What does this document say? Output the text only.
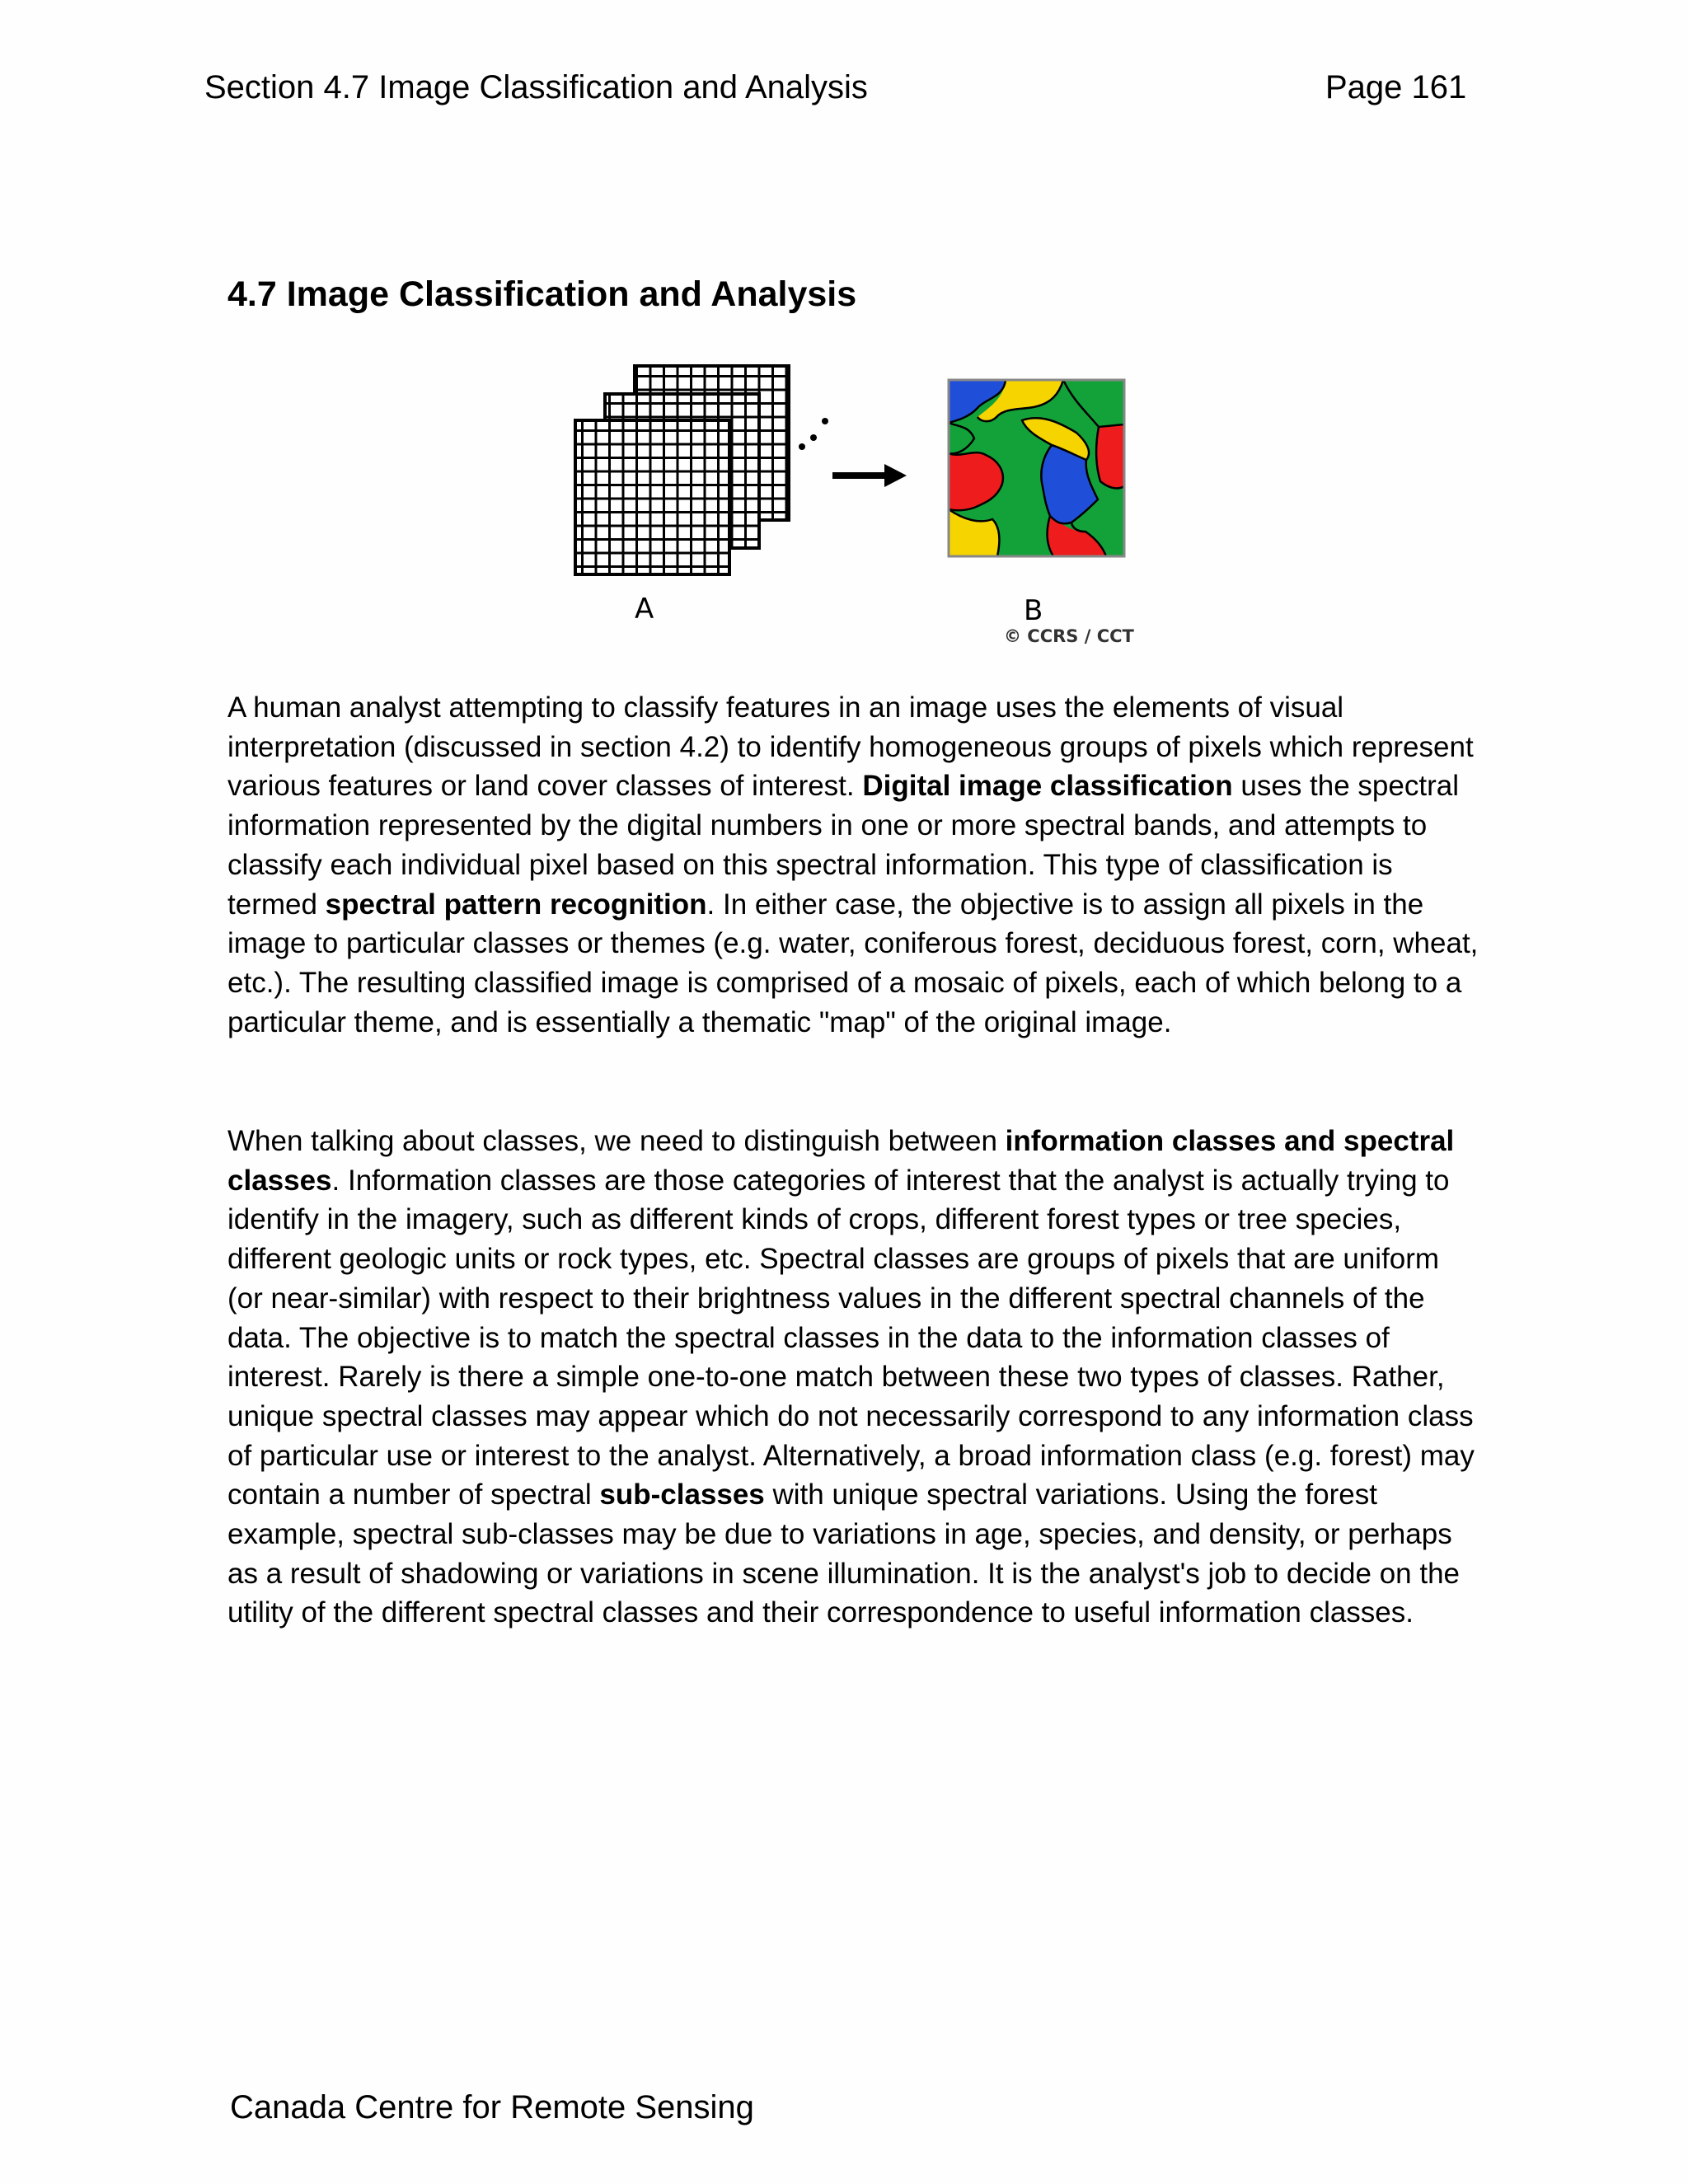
Section 4.7 Image Classification and Analysis	Page 161
4.7 Image Classification and Analysis
A	B
© CCRS / CCT

A human analyst attempting to classify features in an image uses the elements of visual interpretation (discussed in section 4.2) to identify homogeneous groups of pixels which represent various features or land cover classes of interest. Digital image classification uses the spectral information represented by the digital numbers in one or more spectral bands, and attempts to classify each individual pixel based on this spectral information. This type of classification is termed spectral pattern recognition. In either case, the objective is to assign all pixels in the image to particular classes or themes (e.g. water, coniferous forest, deciduous forest, corn, wheat, etc.). The resulting classified image is comprised of a mosaic of pixels, each of which belong to a particular theme, and is essentially a thematic "map" of the original image.

When talking about classes, we need to distinguish between information classes and spectral classes. Information classes are those categories of interest that the analyst is actually trying to identify in the imagery, such as different kinds of crops, different forest types or tree species, different geologic units or rock types, etc. Spectral classes are groups of pixels that are uniform (or near-similar) with respect to their brightness values in the different spectral channels of the data. The objective is to match the spectral classes in the data to the information classes of interest. Rarely is there a simple one-to-one match between these two types of classes. Rather, unique spectral classes may appear which do not necessarily correspond to any information class of particular use or interest to the analyst. Alternatively, a broad information class (e.g. forest) may contain a number of spectral sub-classes with unique spectral variations. Using the forest example, spectral sub-classes may be due to variations in age, species, and density, or perhaps as a result of shadowing or variations in scene illumination. It is the analyst's job to decide on the utility of the different spectral classes and their correspondence to useful information classes.

Canada Centre for Remote Sensing
